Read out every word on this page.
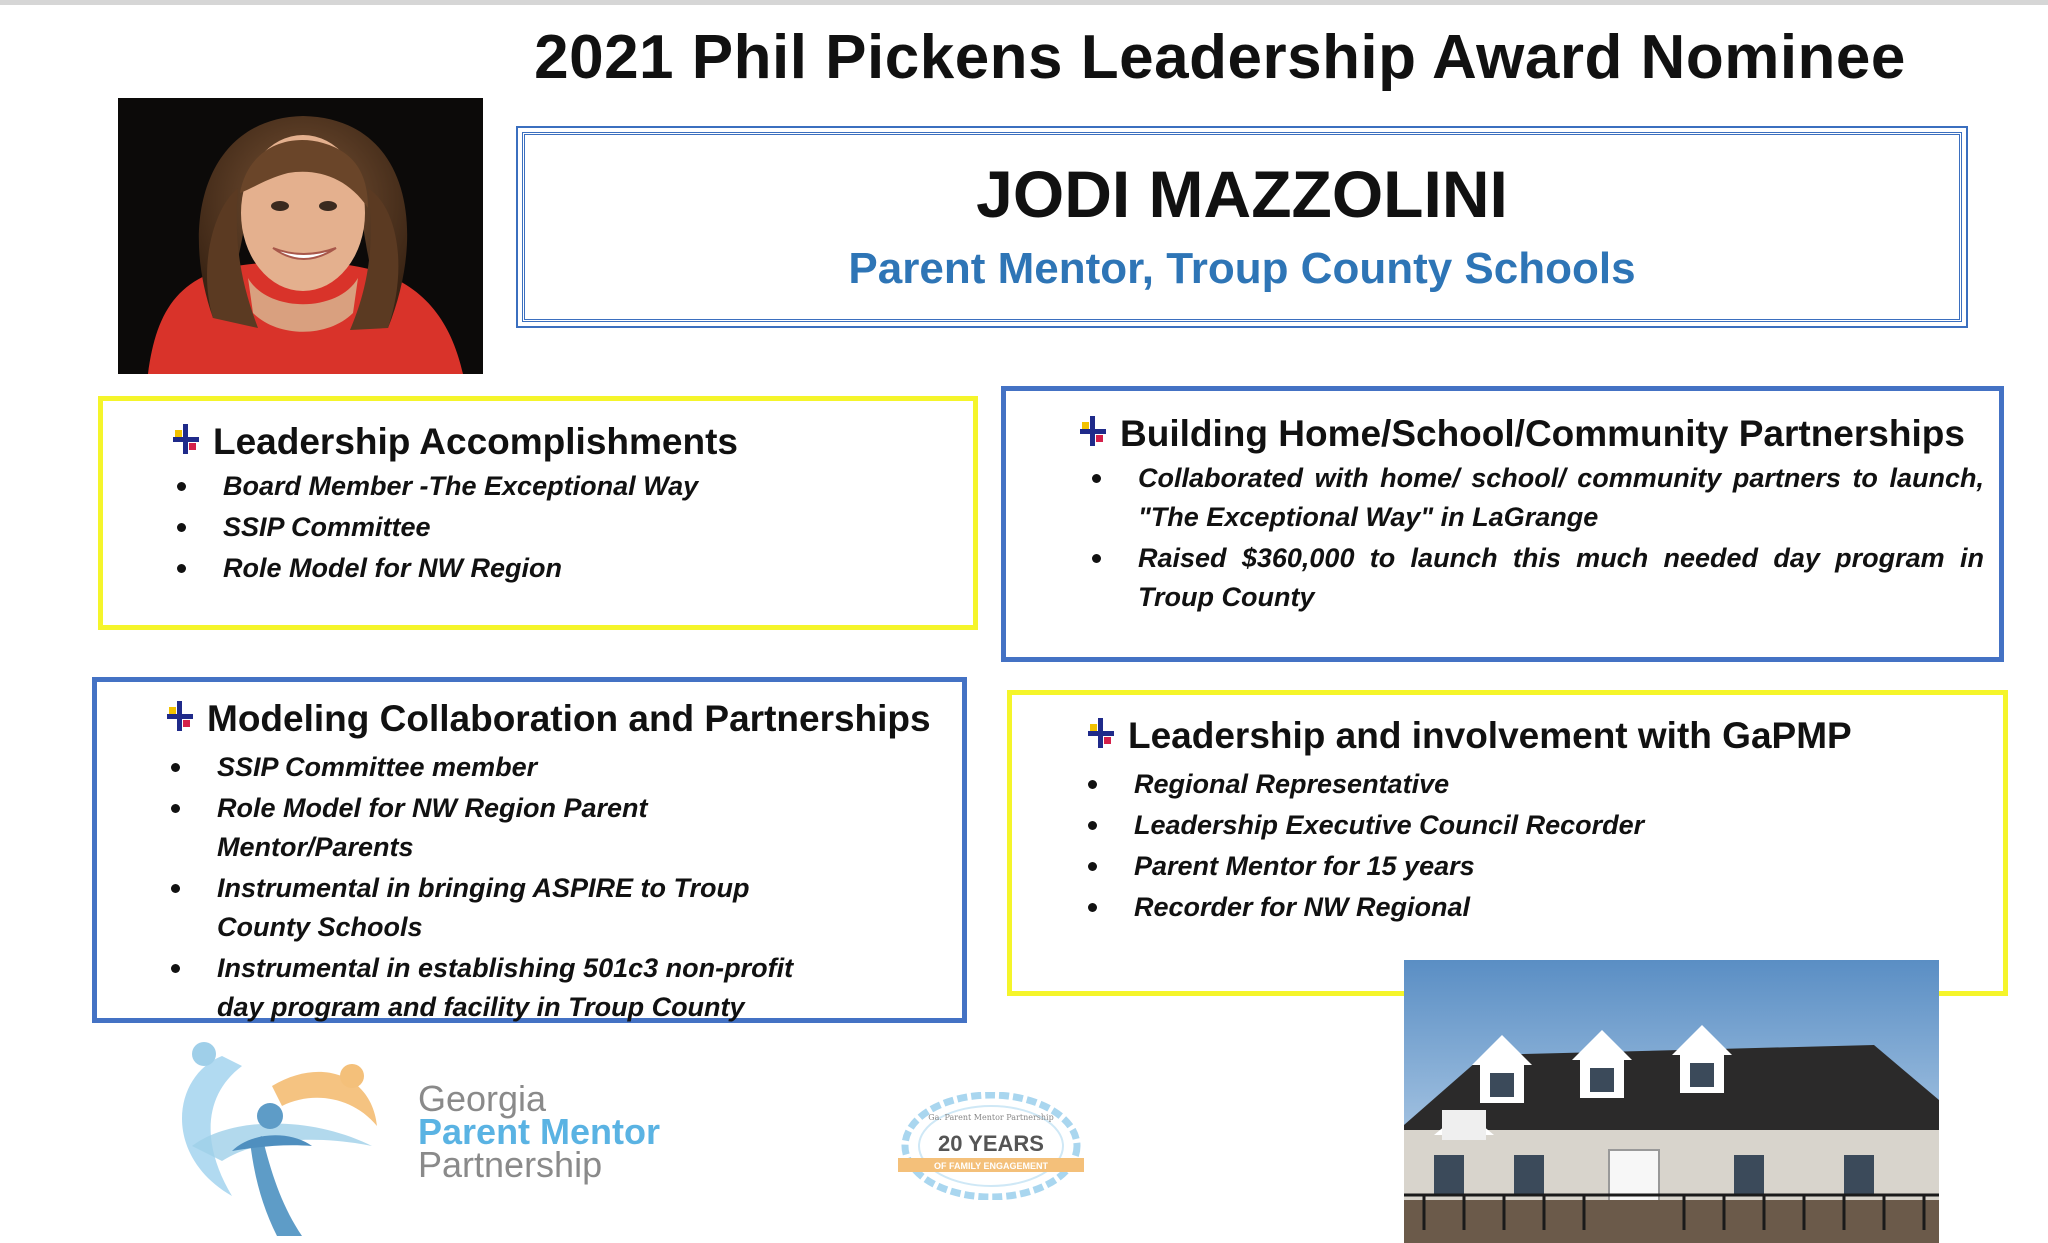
2021 Phil Pickens Leadership Award Nominee
JODI MAZZOLINI
Parent Mentor, Troup County Schools
Leadership Accomplishments
Board Member -The Exceptional Way
SSIP Committee
Role Model for NW Region
Building Home/School/Community Partnerships
Collaborated with home/ school/ community partners to launch, "The Exceptional Way" in LaGrange
Raised $360,000 to launch this much needed day program in Troup County
Modeling Collaboration and Partnerships
SSIP Committee member
Role Model for NW Region Parent Mentor/Parents
Instrumental in bringing ASPIRE to Troup County Schools
Instrumental in establishing 501c3 non-profit day program and facility in Troup County
Leadership and involvement with GaPMP
Regional Representative
Leadership Executive Council Recorder
Parent Mentor for 15 years
Recorder for NW Regional
Georgia
Parent Mentor
Partnership
Ga. Parent Mentor Partnership
20 YEARS
OF FAMILY ENGAGEMENT
